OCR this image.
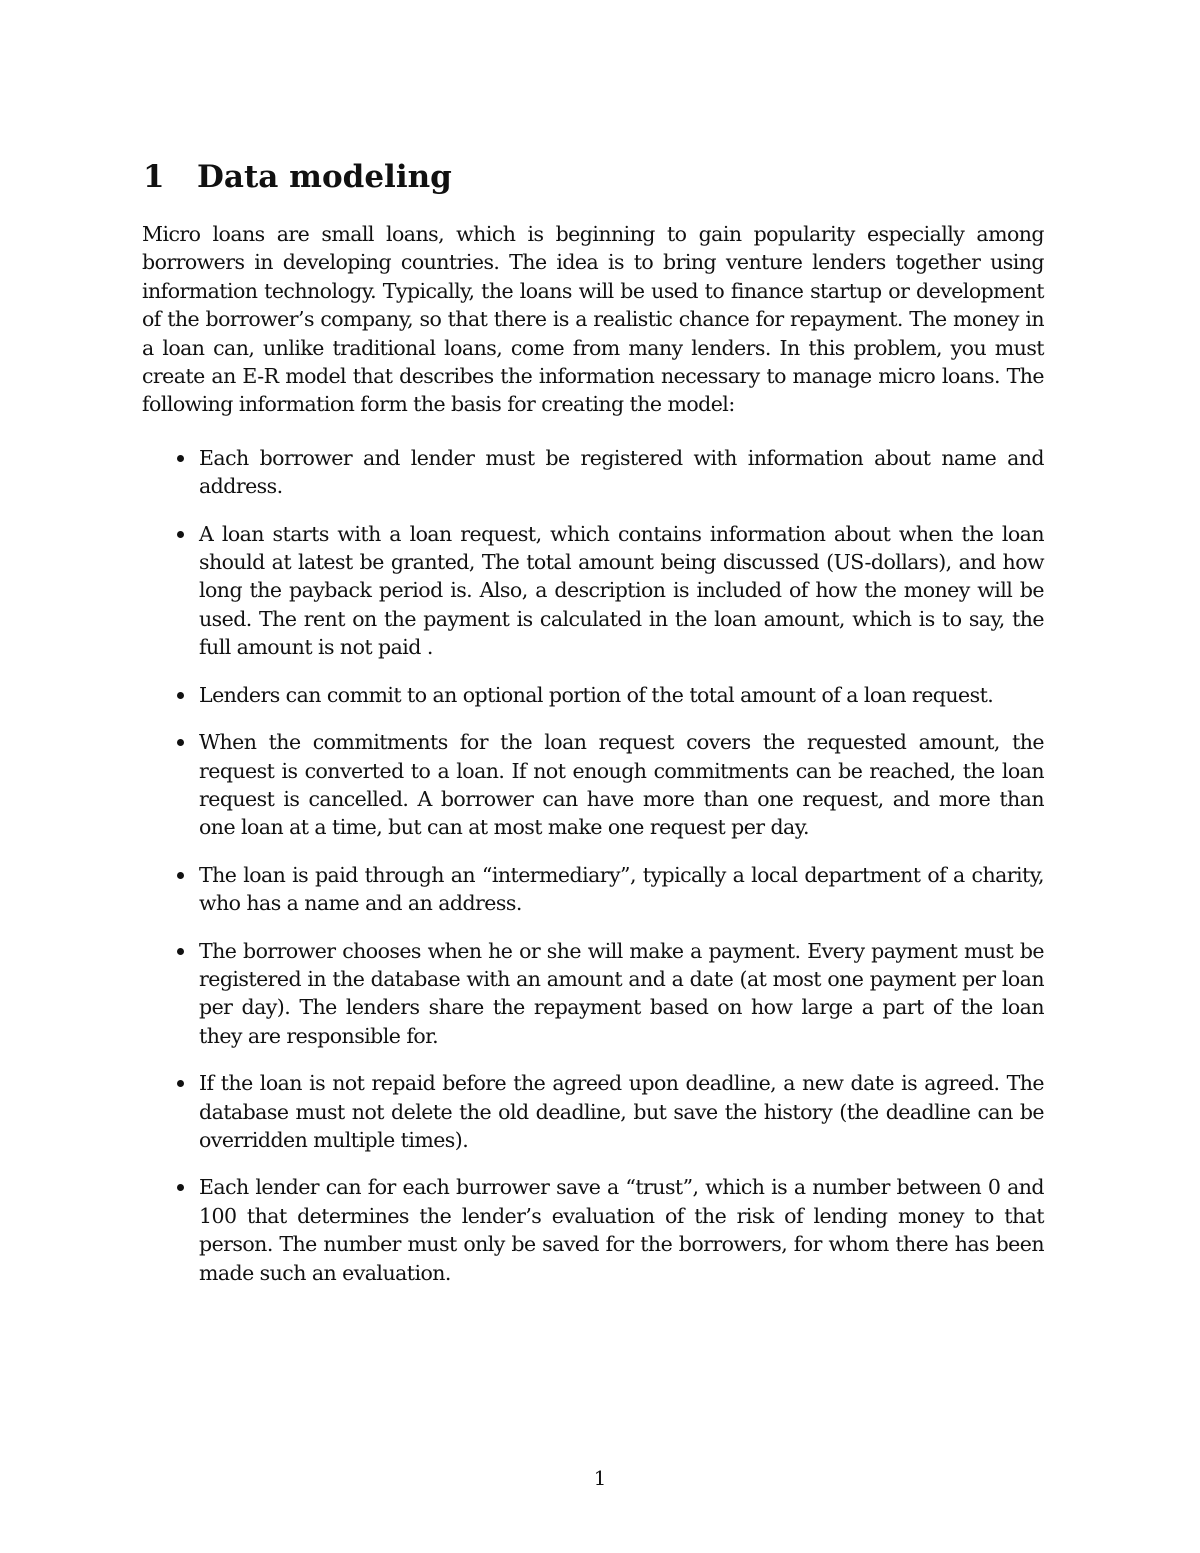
1 Data modeling

Micro loans are small loans, which is beginning to gain popularity especially among borrowers in developing countries. The idea is to bring venture lenders together using information technology. Typically, the loans will be used to finance startup or development of the borrower’s company, so that there is a realistic chance for repayment. The money in a loan can, unlike traditional loans, come from many lenders. In this problem, you must create an E-R model that describes the information necessary to manage micro loans. The following information form the basis for creating the model:

Each borrower and lender must be registered with information about name and address.
A loan starts with a loan request, which contains information about when the loan should at latest be granted, The total amount being discussed (US-dollars), and how long the payback period is. Also, a description is included of how the money will be used. The rent on the payment is calculated in the loan amount, which is to say, the full amount is not paid .
Lenders can commit to an optional portion of the total amount of a loan request.
When the commitments for the loan request covers the requested amount, the request is converted to a loan. If not enough commitments can be reached, the loan request is cancelled. A borrower can have more than one request, and more than one loan at a time, but can at most make one request per day.
The loan is paid through an “intermediary”, typically a local department of a charity, who has a name and an address.
The borrower chooses when he or she will make a payment. Every payment must be registered in the database with an amount and a date (at most one payment per loan per day). The lenders share the repayment based on how large a part of the loan they are responsible for.
If the loan is not repaid before the agreed upon deadline, a new date is agreed. The database must not delete the old deadline, but save the history (the deadline can be overridden multiple times).
Each lender can for each burrower save a “trust”, which is a number between 0 and 100 that determines the lender’s evaluation of the risk of lending money to that person. The number must only be saved for the borrowers, for whom there has been made such an evaluation.
1
